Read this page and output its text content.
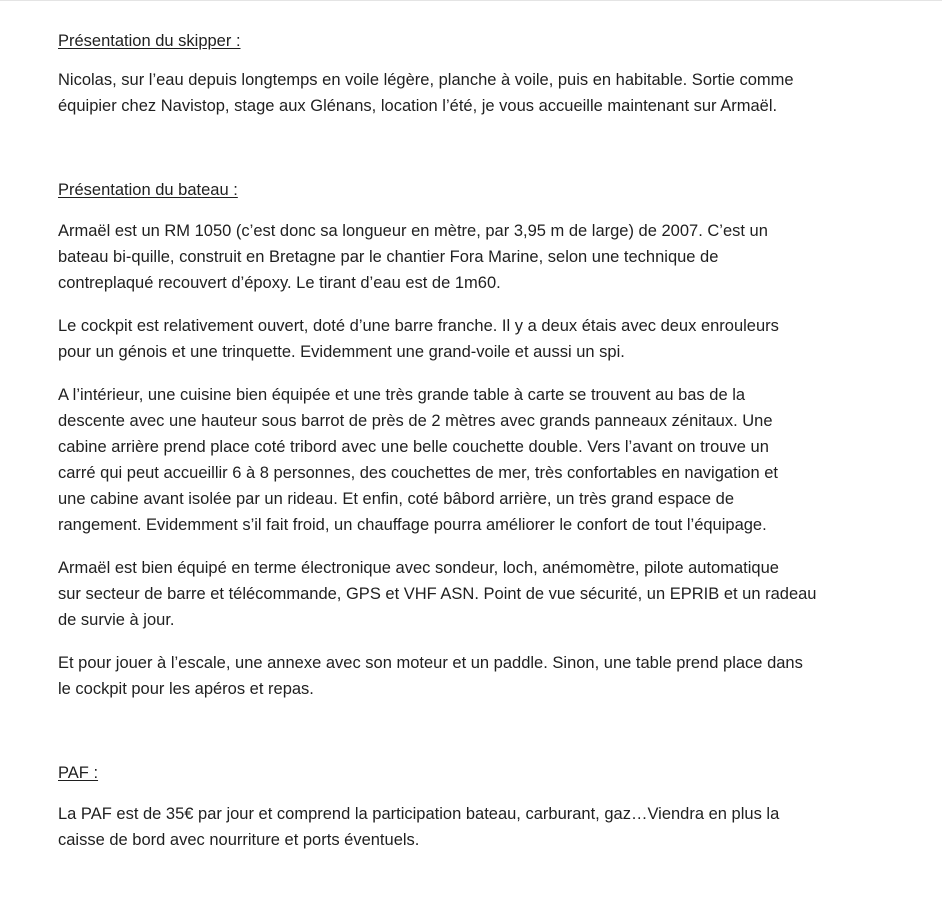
Présentation du skipper :

Nicolas, sur l’eau depuis longtemps en voile légère, planche à voile, puis en habitable. Sortie comme
équipier chez Navistop, stage aux Glénans, location l’été, je vous accueille maintenant sur Armaël.

Présentation du bateau :

Armaël est un RM 1050 (c’est donc sa longueur en mètre, par 3,95 m de large) de 2007. C’est un
bateau bi-quille, construit en Bretagne par le chantier Fora Marine, selon une technique de
contreplaqué recouvert d’époxy. Le tirant d’eau est de 1m60.

Le cockpit est relativement ouvert, doté d’une barre franche. Il y a deux étais avec deux enrouleurs
pour un génois et une trinquette. Evidemment une grand-voile et aussi un spi.

A l’intérieur, une cuisine bien équipée et une très grande table à carte se trouvent au bas de la
descente avec une hauteur sous barrot de près de 2 mètres avec grands panneaux zénitaux. Une
cabine arrière prend place coté tribord avec une belle couchette double. Vers l’avant on trouve un
carré qui peut accueillir 6 à 8 personnes, des couchettes de mer, très confortables en navigation et
une cabine avant isolée par un rideau. Et enfin, coté bâbord arrière, un très grand espace de
rangement. Evidemment s’il fait froid, un chauffage pourra améliorer le confort de tout l’équipage.

Armaël est bien équipé en terme électronique avec sondeur, loch, anémomètre, pilote automatique
sur secteur de barre et télécommande, GPS et VHF ASN. Point de vue sécurité, un EPRIB et un radeau
de survie à jour.

Et pour jouer à l’escale, une annexe avec son moteur et un paddle. Sinon, une table prend place dans
le cockpit pour les apéros et repas.

PAF :

La PAF est de 35€ par jour et comprend la participation bateau, carburant, gaz…Viendra en plus la
caisse de bord avec nourriture et ports éventuels.
